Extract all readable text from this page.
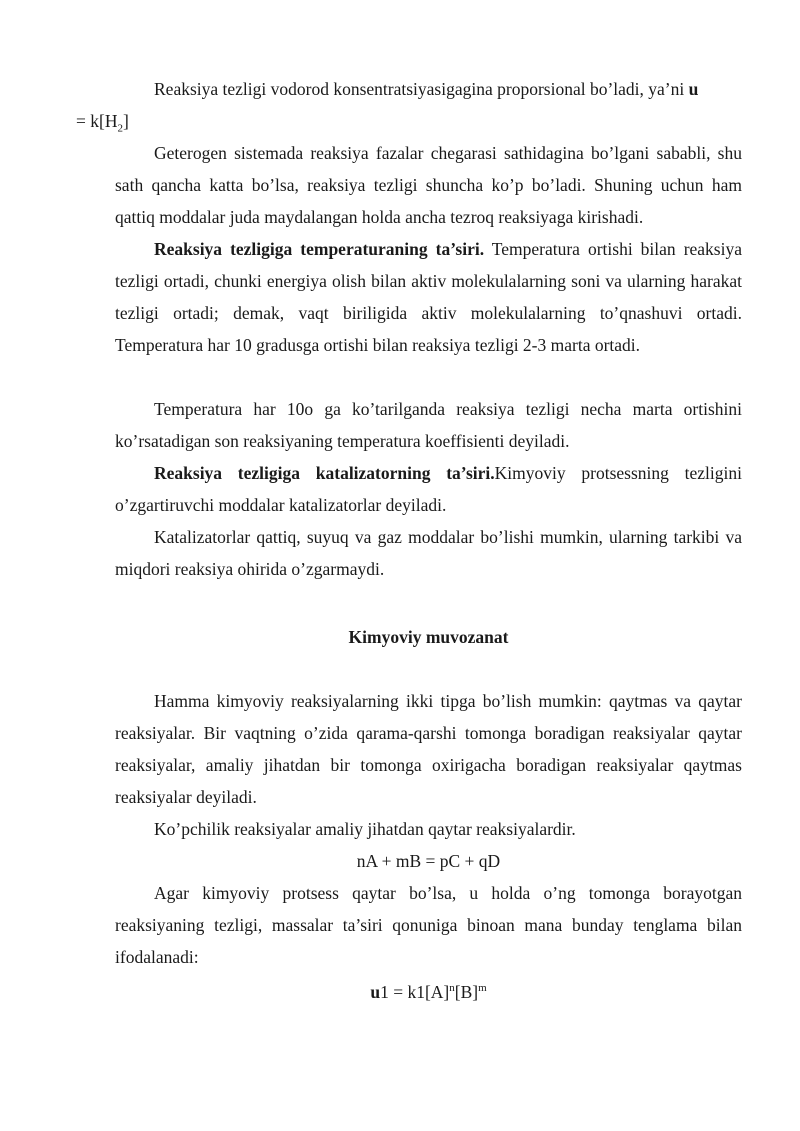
Reaksiya tezligi vodorod konsentratsiyasigagina proporsional bo’ladi, ya’ni u
= $k[H_2]$

Geterogen sistemada reaksiya fazalar chegarasi sathidagina bo’lgani sababli, shu sath qancha katta bo’lsa, reaksiya tezligi shuncha ko’p bo’ladi. Shuning uchun ham qattiq moddalar juda maydalangan holda ancha tezroq reaksiyaga kirishadi.

Reaksiya tezligiga temperaturaning ta’siri. Temperatura ortishi bilan reaksiya tezligi ortadi, chunki energiya olish bilan aktiv molekulalarning soni va ularning harakat tezligi ortadi; demak, vaqt biriligida aktiv molekulalarning to’qnashuvi ortadi. Temperatura har 10 gradusga ortishi bilan reaksiya tezligi 2-3 marta ortadi.

Temperatura har 10o ga ko’tarilganda reaksiya tezligi necha marta ortishini ko’rsatadigan son reaksiyaning temperatura koeffisienti deyiladi.

Reaksiya tezligiga katalizatorning ta’siri.Kimyoviy protsessning tezligini o’zgartiruvchi moddalar katalizatorlar deyiladi.

Katalizatorlar qattiq, suyuq va gaz moddalar bo’lishi mumkin, ularning tarkibi va miqdori reaksiya ohirida o’zgarmaydi.

Kimyoviy muvozanat

Hamma kimyoviy reaksiyalarning ikki tipga bo’lish mumkin: qaytmas va qaytar reaksiyalar. Bir vaqtning o’zida qarama-qarshi tomonga boradigan reaksiyalar qaytar reaksiyalar, amaliy jihatdan bir tomonga oxirigacha boradigan reaksiyalar qaytmas reaksiyalar deyiladi.

Ko’pchilik reaksiyalar amaliy jihatdan qaytar reaksiyalardir.

nA + mB = pC + qD

Agar kimyoviy protsess qaytar bo’lsa, u holda o’ng tomonga borayotgan reaksiyaning tezligi, massalar ta’siri qonuniga binoan mana bunday tenglama bilan ifodalanadi:

$u1 = k1[A]^n[B]^m$
